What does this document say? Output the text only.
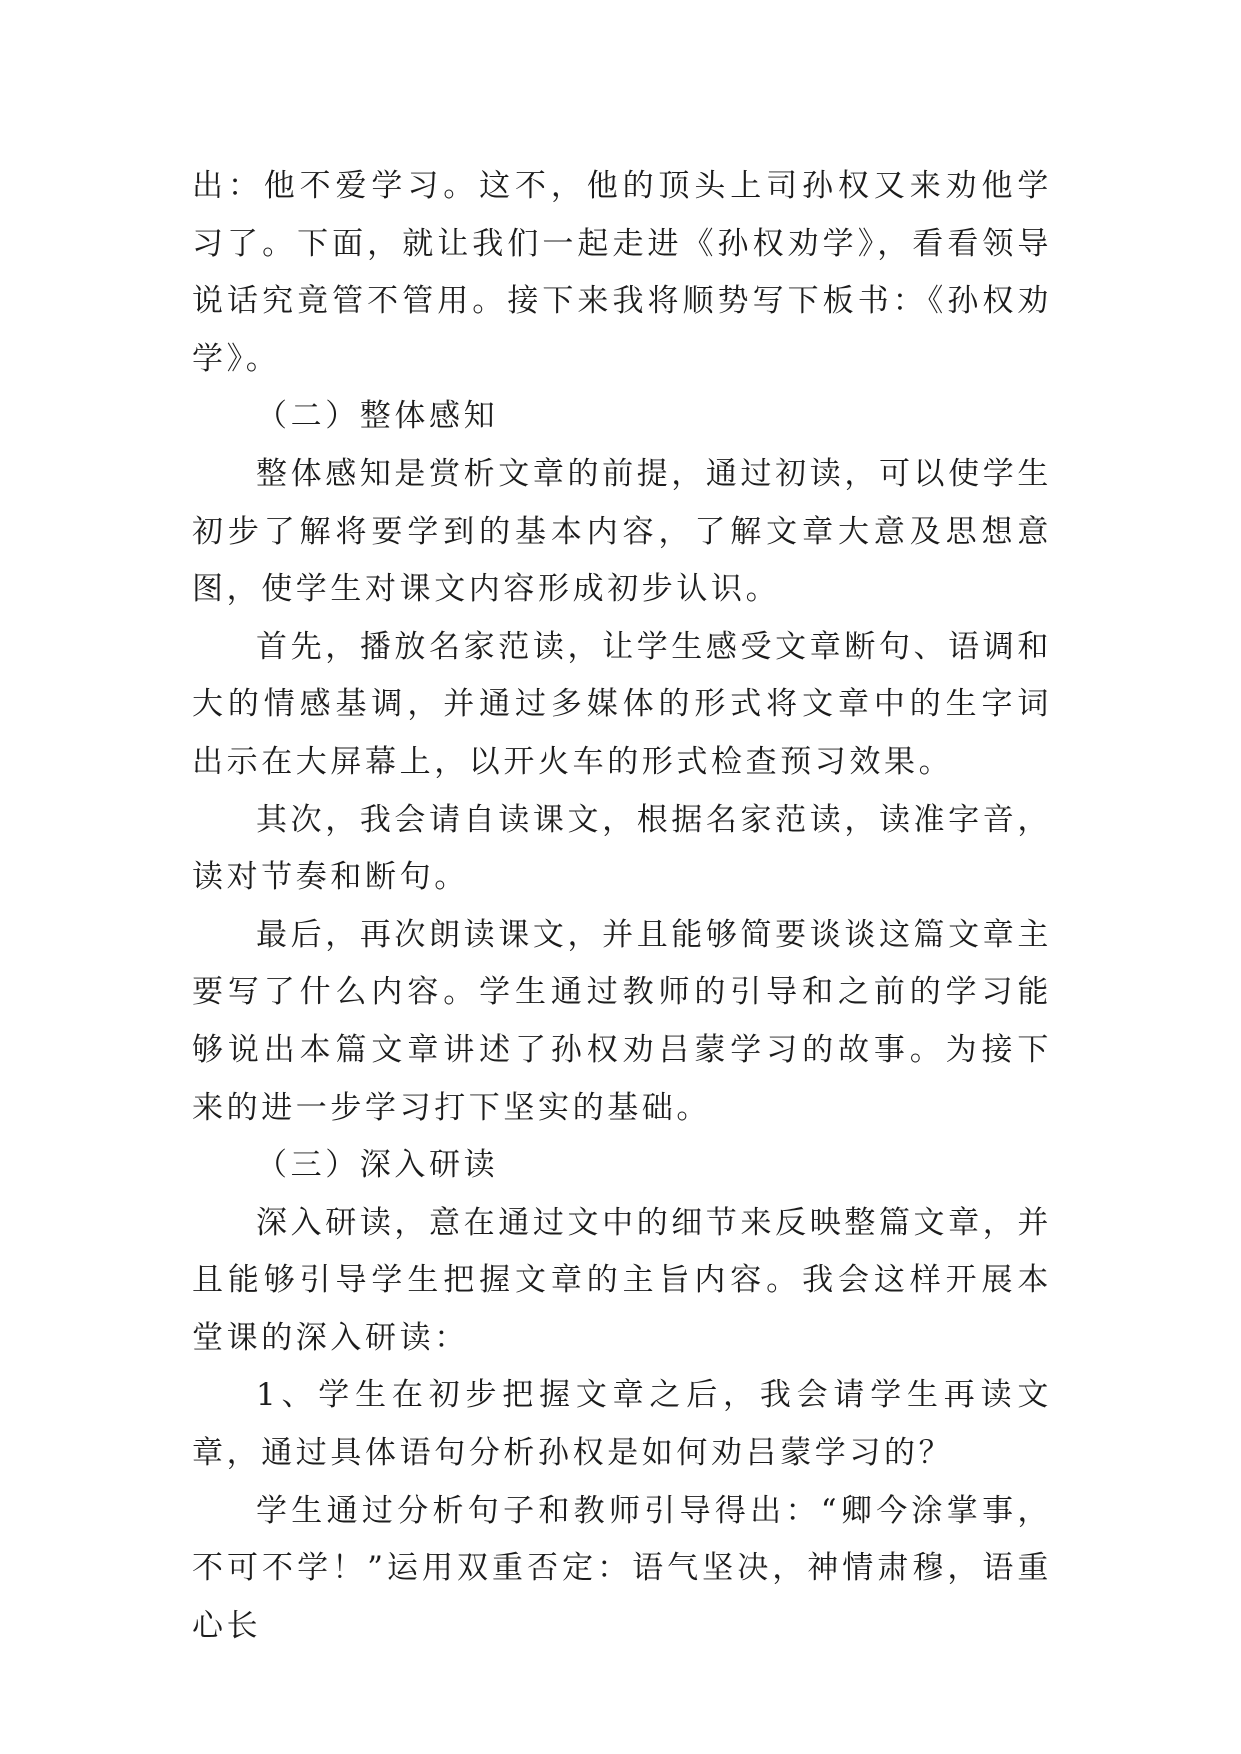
出：他不爱学习。这不，他的顶头上司孙权又来劝他学习了。下面，就让我们一起走进《孙权劝学》，看看领导说话究竟管不管用。接下来我将顺势写下板书：《孙权劝学》。

（二）整体感知

整体感知是赏析文章的前提，通过初读，可以使学生初步了解将要学到的基本内容，了解文章大意及思想意图，使学生对课文内容形成初步认识。

首先，播放名家范读，让学生感受文章断句、语调和大的情感基调，并通过多媒体的形式将文章中的生字词出示在大屏幕上，以开火车的形式检查预习效果。

其次，我会请自读课文，根据名家范读，读准字音，读对节奏和断句。

最后，再次朗读课文，并且能够简要谈谈这篇文章主要写了什么内容。学生通过教师的引导和之前的学习能够说出本篇文章讲述了孙权劝吕蒙学习的故事。为接下来的进一步学习打下坚实的基础。

（三）深入研读

深入研读，意在通过文中的细节来反映整篇文章，并且能够引导学生把握文章的主旨内容。我会这样开展本堂课的深入研读：

1、学生在初步把握文章之后，我会请学生再读文章，通过具体语句分析孙权是如何劝吕蒙学习的？

学生通过分析句子和教师引导得出：“卿今涂掌事，不可不学！”运用双重否定：语气坚决，神情肃穆，语重心长
